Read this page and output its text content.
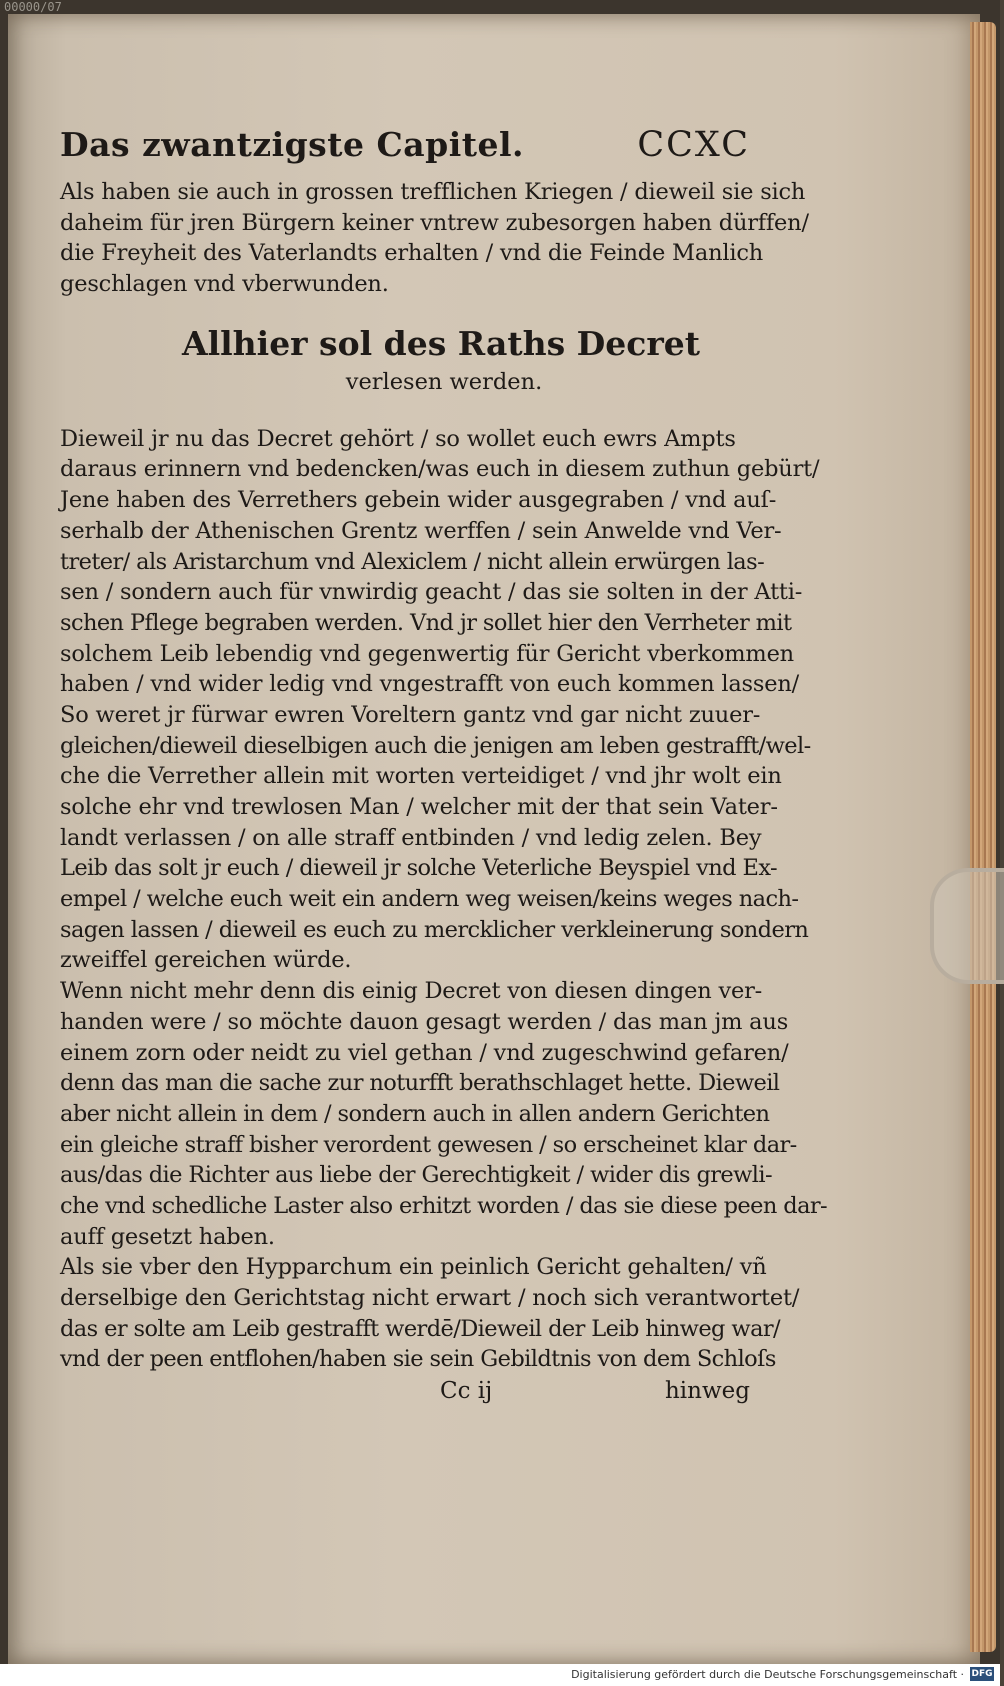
00000/07
Das zwantzigste Capitel.	CCXC
Als haben sie auch in grossen trefflichen Kriegen / dieweil sie sich
daheim für jren Bürgern keiner vntrew zubesorgen haben dürffen/
die Freyheit des Vaterlandts erhalten / vnd die Feinde Manlich
geschlagen vnd vberwunden.
Allhier sol des Raths Decret
verlesen werden.
Dieweil jr nu das Decret gehört / so wollet euch ewrs Ampts
daraus erinnern vnd bedencken/was euch in diesem zuthun gebürt/
Jene haben des Verrethers gebein wider ausgegraben / vnd auſ-
serhalb der Athenischen Grentz werffen / sein Anwelde vnd Ver-
treter/ als Aristarchum vnd Alexiclem / nicht allein erwürgen las-
sen / sondern auch für vnwirdig geacht / das sie solten in der Atti-
schen Pflege begraben werden. Vnd jr sollet hier den Verrheter mit
solchem Leib lebendig vnd gegenwertig für Gericht vberkommen
haben / vnd wider ledig vnd vngestrafft von euch kommen lassen/
So weret jr fürwar ewren Voreltern gantz vnd gar nicht zuuer-
gleichen/dieweil dieselbigen auch die jenigen am leben gestrafft/wel-
che die Verrether allein mit worten verteidiget / vnd jhr wolt ein
solche ehr vnd trewlosen Man / welcher mit der that sein Vater-
landt verlassen / on alle straff entbinden / vnd ledig zelen. Bey
Leib das solt jr euch / dieweil jr solche Veterliche Beyspiel vnd Ex-
empel / welche euch weit ein andern weg weisen/keins weges nach-
sagen lassen / dieweil es euch zu mercklicher verkleinerung sondern
zweiffel gereichen würde.
Wenn nicht mehr denn dis einig Decret von diesen dingen ver-
handen were / so möchte dauon gesagt werden / das man jm aus
einem zorn oder neidt zu viel gethan / vnd zugeschwind gefaren/
denn das man die sache zur noturfft berathschlaget hette. Dieweil
aber nicht allein in dem / sondern auch in allen andern Gerichten
ein gleiche straff bisher verordent gewesen / so erscheinet klar dar-
aus/das die Richter aus liebe der Gerechtigkeit / wider dis grewli-
che vnd schedliche Laster also erhitzt worden / das sie diese peen dar-
auff gesetzt haben.
Als sie vber den Hypparchum ein peinlich Gericht gehalten/ vñ
derselbige den Gerichtstag nicht erwart / noch sich verantwortet/
das er solte am Leib gestrafft werdē/Dieweil der Leib hinweg war/
vnd der peen entflohen/haben sie sein Gebildtnis von dem Schloſs
Cc ij	hinweg
Digitalisierung gefördert durch die Deutsche Forschungsgemeinschaft · DFG
